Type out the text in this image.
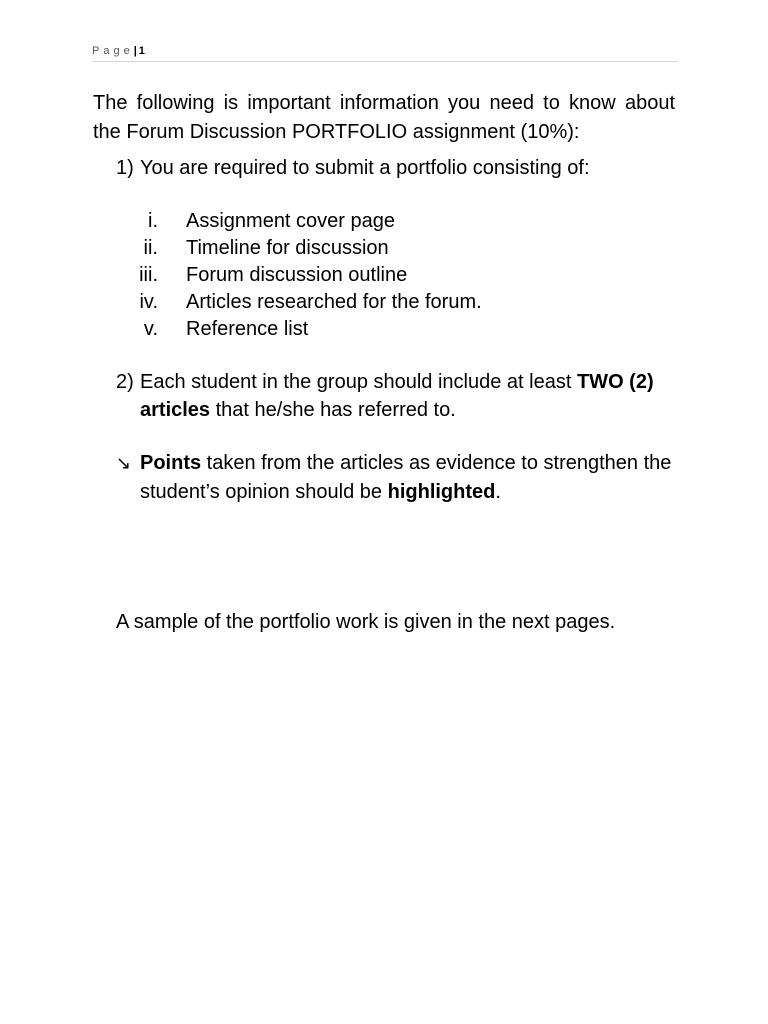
Page| 1

The following is important information you need to know about the Forum Discussion PORTFOLIO assignment (10%):

1) You are required to submit a portfolio consisting of:

i. Assignment cover page
ii. Timeline for discussion
iii. Forum discussion outline
iv. Articles researched for the forum.
v. Reference list

2) Each student in the group should include at least TWO (2)
articles that he/she has referred to.

↘ Points taken from the articles as evidence to strengthen the student’s opinion should be highlighted.

A sample of the portfolio work is given in the next pages.
